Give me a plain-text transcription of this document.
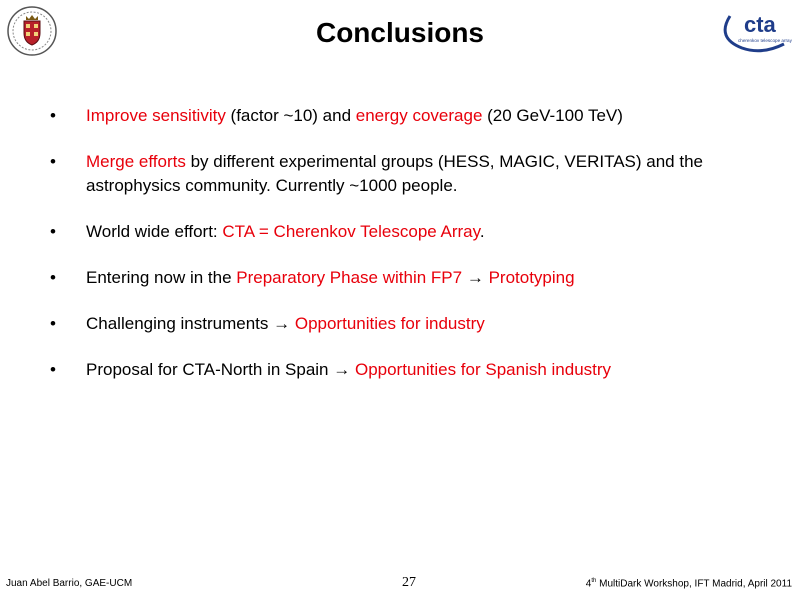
Conclusions	cta
cherenkov telescope array
• Improve sensitivity (factor ~10) and energy coverage (20 GeV-100 TeV)
• Merge efforts by different experimental groups (HESS, MAGIC, VERITAS) and the astrophysics community. Currently ~1000 people.
• World wide effort: CTA = Cherenkov Telescope Array.
• Entering now in the Preparatory Phase within FP7 → Prototyping
• Challenging instruments → Opportunities for industry
• Proposal for CTA-North in Spain → Opportunities for Spanish industry
Juan Abel Barrio, GAE-UCM	27	4th MultiDark Workshop, IFT Madrid, April 2011
